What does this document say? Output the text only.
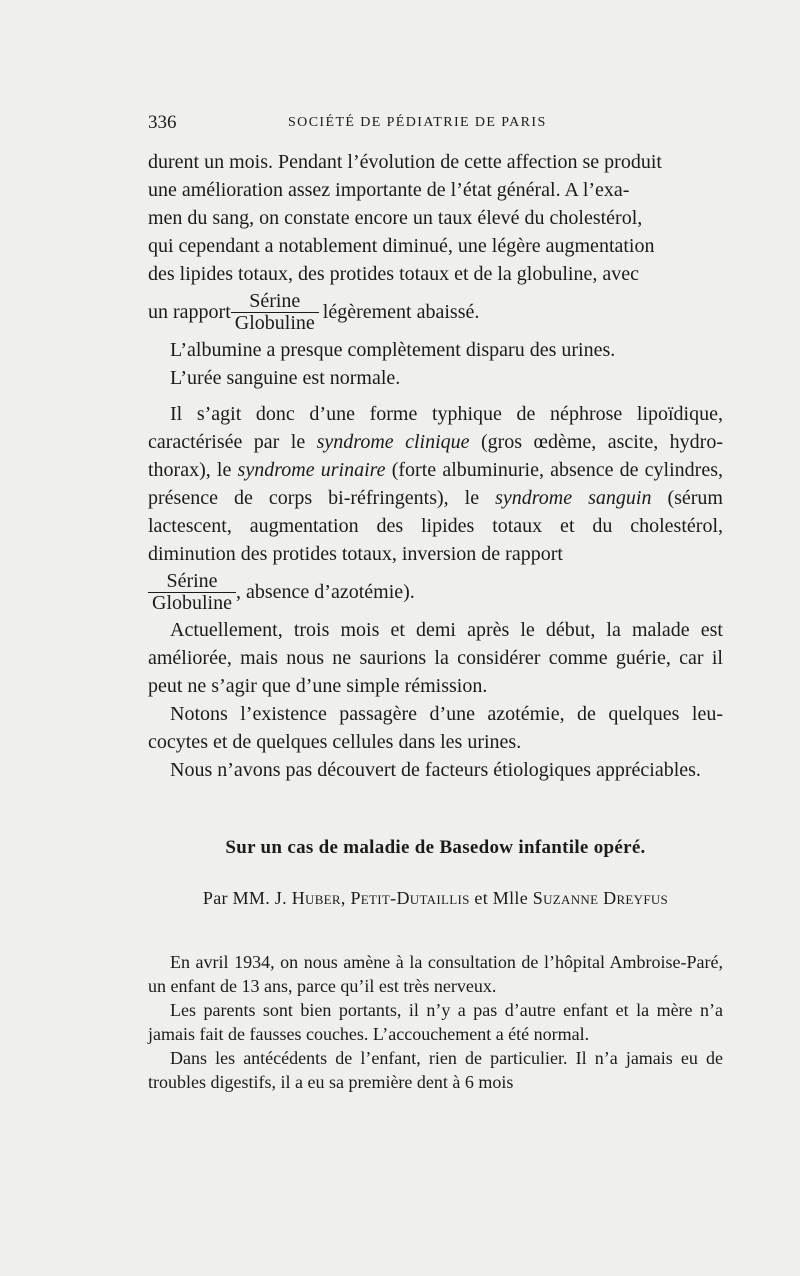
336	SOCIÉTÉ DE PÉDIATRIE DE PARIS

durent un mois. Pendant l’évolution de cette affection se produit

une amélioration assez importante de l’état général. A l’exa-

men du sang, on constate encore un taux élevé du cholestérol,

qui cependant a notablement diminué, une légère augmentation

des lipides totaux, des protides totaux et de la globuline, avec

un rapport $\frac{\text{Sérine}}{\text{Globuline}}$ légèrement abaissé.

L’albumine a presque complètement disparu des urines.

L’urée sanguine est normale.

Il s’agit donc d’une forme typhique de néphrose lipoïdique, caractérisée par le syndrome clinique (gros œdème, ascite, hydrothorax), le syndrome urinaire (forte albuminurie, absence de cylindres, présence de corps bi-réfringents), le syndrome sanguin (sérum lactescent, augmentation des lipides totaux et du cholestérol, diminution des protides totaux, inversion de rapport

$\frac{\text{Sérine}}{\text{Globuline}}$ , absence d’azotémie).

Actuellement, trois mois et demi après le début, la malade est améliorée, mais nous ne saurions la considérer comme guérie, car il peut ne s’agir que d’une simple rémission.

Notons l’existence passagère d’une azotémie, de quelques leucocytes et de quelques cellules dans les urines.

Nous n’avons pas découvert de facteurs étiologiques appréciables.

Sur un cas de maladie de Basedow infantile opéré.
Par MM. J. Huber, Petit-Dutaillis et Mlle Suzanne Dreyfus

En avril 1934, on nous amène à la consultation de l’hôpital Ambroise-Paré, un enfant de 13 ans, parce qu’il est très nerveux.

Les parents sont bien portants, il n’y a pas d’autre enfant et la mère n’a jamais fait de fausses couches. L’accouchement a été normal.

Dans les antécédents de l’enfant, rien de particulier. Il n’a jamais eu de troubles digestifs, il a eu sa première dent à 6 mois
